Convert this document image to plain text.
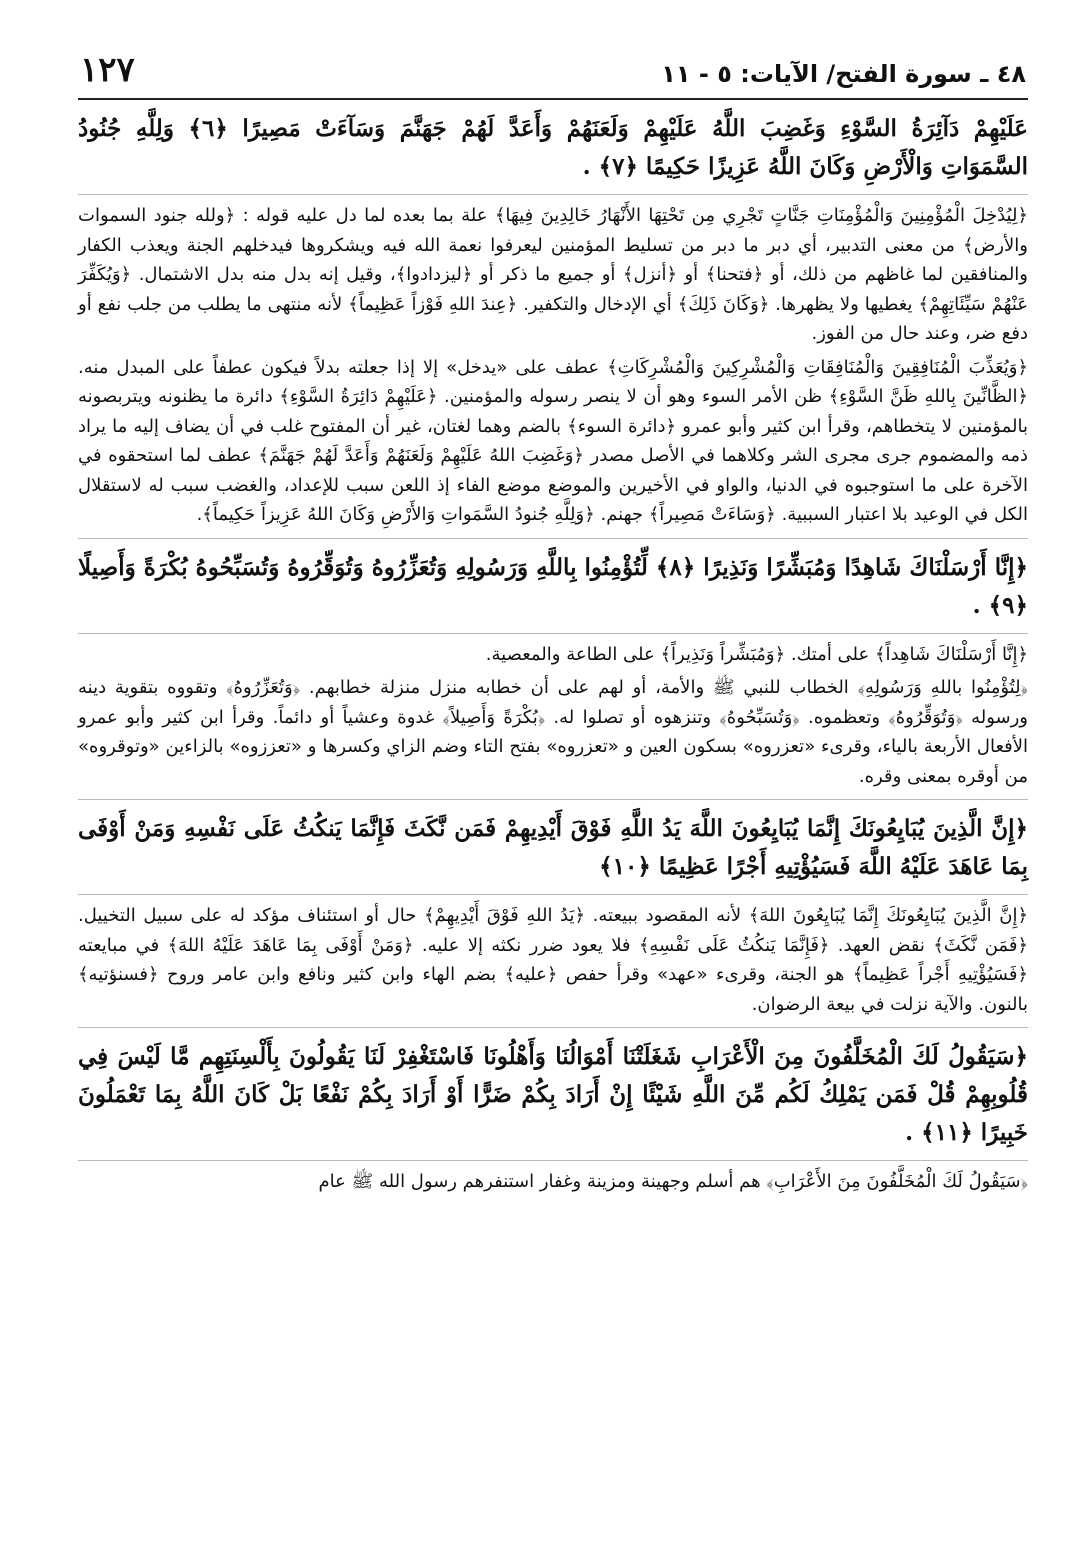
١٢٧	٤٨ ـ سورة الفتح/ الآيات: ٥ - ١١

عَلَيْهِمْ دَآئِرَةُ السَّوْءِ وَغَضِبَ اللَّهُ عَلَيْهِمْ وَلَعَنَهُمْ وَأَعَدَّ لَهُمْ جَهَنَّمَ وَسَآءَتْ مَصِيرًا ﴿٦﴾ وَلِلَّهِ جُنُودُ السَّمَوَاتِ وَالْأَرْضِ وَكَانَ اللَّهُ عَزِيزًا حَكِيمًا ﴿٧﴾ .

﴿لِيُدْخِلَ الْمُؤْمِنِينَ وَالْمُؤْمِنَاتِ جَنَّاتٍ تَجْرِي مِن تَحْتِهَا الأَنْهَارُ خَالِدِينَ فِيهَا﴾ علة بما بعده لما دل عليه قوله : ﴿ولله جنود السموات والأرض﴾ من معنى التدبير، أي دبر ما دبر من تسليط المؤمنين ليعرفوا نعمة الله فيه ويشكروها فيدخلهم الجنة ويعذب الكفار والمنافقين لما غاظهم من ذلك، أو ﴿فتحنا﴾ أو ﴿أنزل﴾ أو جميع ما ذكر أو ﴿ليزدادوا﴾، وقيل إنه بدل منه بدل الاشتمال. ﴿وَيُكَفِّرَ عَنْهُمْ سَيِّئَاتِهِمْ﴾ يغطيها ولا يظهرها. ﴿وَكَانَ ذَلِكَ﴾ أي الإدخال والتكفير. ﴿عِندَ اللهِ فَوْزاً عَظِيماً﴾ لأنه منتهى ما يطلب من جلب نفع أو دفع ضر، وعند حال من الفوز.

﴿وَيُعَذِّبَ الْمُنَافِقِينَ وَالْمُنَافِقَاتِ وَالْمُشْرِكِينَ وَالْمُشْرِكَاتِ﴾ عطف على «يدخل» إلا إذا جعلته بدلاً فيكون عطفاً على المبدل منه. ﴿الظَّانِّينَ بِاللهِ ظَنَّ السَّوْءِ﴾ ظن الأمر السوء وهو أن لا ينصر رسوله والمؤمنين. ﴿عَلَيْهِمْ دَائِرَةُ السَّوْءِ﴾ دائرة ما يظنونه ويتربصونه بالمؤمنين لا يتخطاهم، وقرأ ابن كثير وأبو عمرو ﴿دائرة السوء﴾ بالضم وهما لغتان، غير أن المفتوح غلب في أن يضاف إليه ما يراد ذمه والمضموم جرى مجرى الشر وكلاهما في الأصل مصدر ﴿وَغَضِبَ اللهُ عَلَيْهِمْ وَلَعَنَهُمْ وَأَعَدَّ لَهُمْ جَهَنَّمَ﴾ عطف لما استحقوه في الآخرة على ما استوجبوه في الدنيا، والواو في الأخيرين والموضع موضع الفاء إذ اللعن سبب للإعداد، والغضب سبب له لاستقلال الكل في الوعيد بلا اعتبار السببية. ﴿وَسَاءَتْ مَصِيراً﴾ جهنم. ﴿وَلِلَّهِ جُنودُ السَّمَواتِ وَالأَرْضِ وَكَانَ اللهُ عَزِيزاً حَكِيماً﴾.

﴿إِنَّا أَرْسَلْنَاكَ شَاهِدًا وَمُبَشِّرًا وَنَذِيرًا ﴿٨﴾ لِّتُؤْمِنُوا بِاللَّهِ وَرَسُولِهِ وَتُعَزِّرُوهُ وَتُوَقِّرُوهُ وَتُسَبِّحُوهُ بُكْرَةً وَأَصِيلًا ﴿٩﴾ .

﴿إِنَّا أَرْسَلْنَاكَ شَاهِداً﴾ على أمتك. ﴿وَمُبَشِّراً وَنَذِيراً﴾ على الطاعة والمعصية.

﴿لِتُؤْمِنُوا باللهِ وَرَسُولِهِ﴾ الخطاب للنبي ﷺ والأمة، أو لهم على أن خطابه منزل منزلة خطابهم. ﴿وَتُعَزِّرُوهُ﴾ وتقووه بتقوية دينه ورسوله ﴿وَتُوَقِّرُوهُ﴾ وتعظموه. ﴿وَتُسَبِّحُوهُ﴾ وتنزهوه أو تصلوا له. ﴿بُكْرَةً وَأَصِيلاً﴾ غدوة وعشياً أو دائماً. وقرأ ابن كثير وأبو عمرو الأفعال الأربعة بالياء، وقرىء «تعزروه» بسكون العين و «تعزروه» بفتح التاء وضم الزاي وكسرها و «تعززوه» بالزاءين «وتوقروه» من أوقره بمعنى وقره.

﴿إِنَّ الَّذِينَ يُبَايِعُونَكَ إِنَّمَا يُبَايِعُونَ اللَّهَ يَدُ اللَّهِ فَوْقَ أَيْدِيهِمْ فَمَن نَّكَثَ فَإِنَّمَا يَنكُثُ عَلَى نَفْسِهِ وَمَنْ أَوْفَى بِمَا عَاهَدَ عَلَيْهُ اللَّهَ فَسَيُؤْتِيهِ أَجْرًا عَظِيمًا ﴿١٠﴾

﴿إِنَّ الَّذِينَ يُبَايِعُونَكَ إِنَّمَا يُبَايِعُونَ اللهَ﴾ لأنه المقصود ببيعته. ﴿يَدُ اللهِ فَوْقَ أَيْدِيهِمْ﴾ حال أو استئناف مؤكد له على سبيل التخييل. ﴿فَمَن نَّكَثَ﴾ نقض العهد. ﴿فَإِنَّمَا يَنكُثُ عَلَى نَفْسِهِ﴾ فلا يعود ضرر نكثه إلا عليه. ﴿وَمَنْ أَوْفَى بِمَا عَاهَدَ عَلَيْهُ اللهَ﴾ في مبايعته ﴿فَسَيُؤْتِيهِ أَجْراً عَظِيماً﴾ هو الجنة، وقرىء «عهد» وقرأ حفص ﴿عليه﴾ بضم الهاء وابن كثير ونافع وابن عامر وروح ﴿فسنؤتيه﴾ بالنون. والآية نزلت في بيعة الرضوان.

﴿سَيَقُولُ لَكَ الْمُخَلَّفُونَ مِنَ الْأَعْرَابِ شَغَلَتْنَا أَمْوَالُنَا وَأَهْلُونَا فَاسْتَغْفِرْ لَنَا يَقُولُونَ بِأَلْسِنَتِهِم مَّا لَيْسَ فِي قُلُوبِهِمْ قُلْ فَمَن يَمْلِكُ لَكُم مِّنَ اللَّهِ شَيْئًا إِنْ أَرَادَ بِكُمْ ضَرًّا أَوْ أَرَادَ بِكُمْ نَفْعًا بَلْ كَانَ اللَّهُ بِمَا تَعْمَلُونَ خَبِيرًا ﴿١١﴾ .

﴿سَيَقُولُ لَكَ الْمُخَلَّفُونَ مِنَ الأَعْرَابِ﴾ هم أسلم وجهينة ومزينة وغفار استنفرهم رسول الله ﷺ عام
